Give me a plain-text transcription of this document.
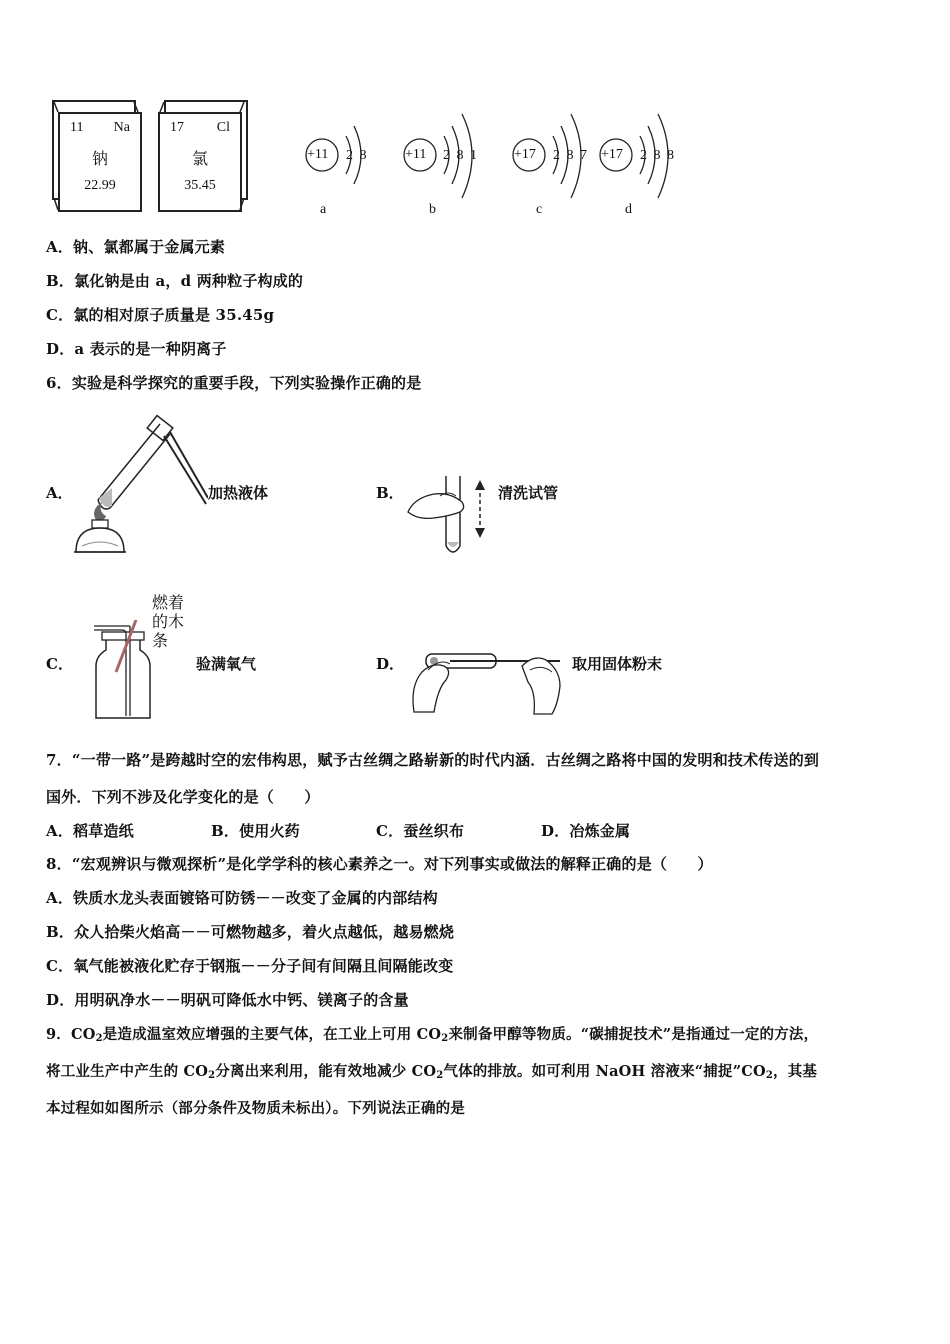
11 Na
钠
22.99
17 Cl
氯
35.45
+11 2 8
a
+11 2 8 1
b
+17 2 8 7
c
+17 2 8 8
d
A．钠、氯都属于金属元素
B．氯化钠是由 a，d 两种粒子构成的
C．氯的相对原子质量是 35.45g
D．a 表示的是一种阴离子
6．实验是科学探究的重要手段，下列实验操作正确的是
A．	加热液体	B．	清洗试管
C．
燃着
的木
条
验满氧气	D．	取用固体粉末
7．“一带一路”是跨越时空的宏伟构思，赋予古丝绸之路崭新的时代内涵．古丝绸之路将中国的发明和技术传送的到
国外．下列不涉及化学变化的是（　　）
A．稻草造纸	B．使用火药	C．蚕丝织布	D．冶炼金属
8．“宏观辨识与微观探析”是化学学科的核心素养之一。对下列事实或做法的解释正确的是（　　）
A．铁质水龙头表面镀铬可防锈－－改变了金属的内部结构
B．众人拾柴火焰高－－可燃物越多，着火点越低，越易燃烧
C．氧气能被液化贮存于钢瓶－－分子间有间隔且间隔能改变
D．用明矾净水－－明矾可降低水中钙、镁离子的含量
9．$CO_2$是造成温室效应增强的主要气体，在工业上可用 $CO_2$来制备甲醇等物质。“碳捕捉技术”是指通过一定的方法，
将工业生产中产生的 $CO_2$分离出来利用，能有效地减少 $CO_2$气体的排放。如可利用 NaOH 溶液来“捕捉$”CO_2$，其基
本过程如如图所示（部分条件及物质未标出）。下列说法正确的是
